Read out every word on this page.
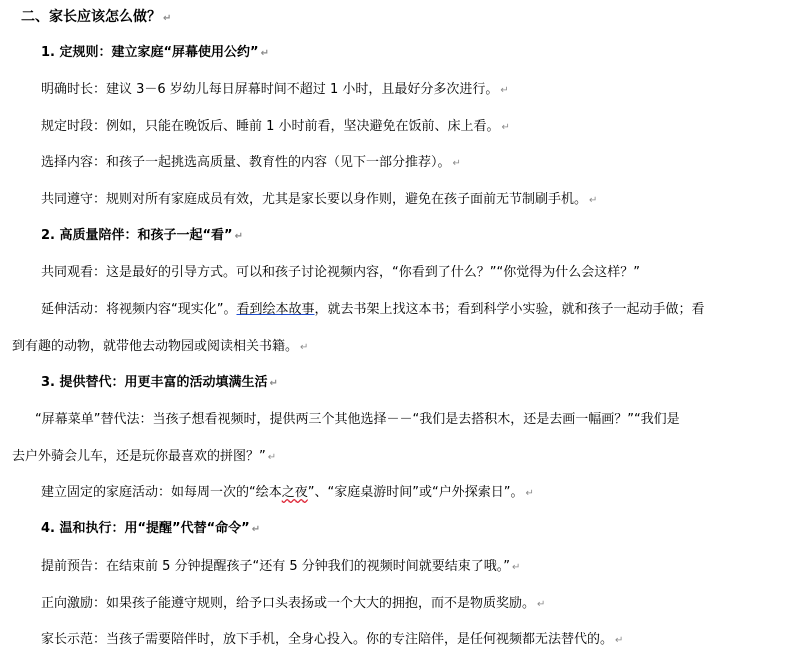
二、家长应该怎么做？ ↵
1. 定规则：建立家庭“屏幕使用公约” ↵
明确时长：建议 3－6 岁幼儿每日屏幕时间不超过 1 小时，且最好分多次进行。 ↵
规定时段：例如，只能在晚饭后、睡前 1 小时前看，坚决避免在饭前、床上看。 ↵
选择内容：和孩子一起挑选高质量、教育性的内容（见下一部分推荐）。 ↵
共同遵守：规则对所有家庭成员有效，尤其是家长要以身作则，避免在孩子面前无节制刷手机。 ↵
2. 高质量陪伴：和孩子一起“看” ↵
共同观看：这是最好的引导方式。可以和孩子讨论视频内容，“你看到了什么？”“你觉得为什么会这样？”
延伸活动：将视频内容“现实化”。看到绘本故事，就去书架上找这本书；看到科学小实验，就和孩子一起动手做；看
到有趣的动物，就带他去动物园或阅读相关书籍。 ↵
3. 提供替代：用更丰富的活动填满生活 ↵
“屏幕菜单”替代法：当孩子想看视频时，提供两三个其他选择－－“我们是去搭积木，还是去画一幅画？”“我们是
去户外骑会儿车，还是玩你最喜欢的拼图？” ↵
建立固定的家庭活动：如每周一次的“绘本之夜”、“家庭桌游时间”或“户外探索日”。 ↵
4. 温和执行：用“提醒”代替“命令” ↵
提前预告：在结束前 5 分钟提醒孩子“还有 5 分钟我们的视频时间就要结束了哦。” ↵
正向激励：如果孩子能遵守规则，给予口头表扬或一个大大的拥抱，而不是物质奖励。 ↵
家长示范：当孩子需要陪伴时，放下手机，全身心投入。你的专注陪伴，是任何视频都无法替代的。 ↵
